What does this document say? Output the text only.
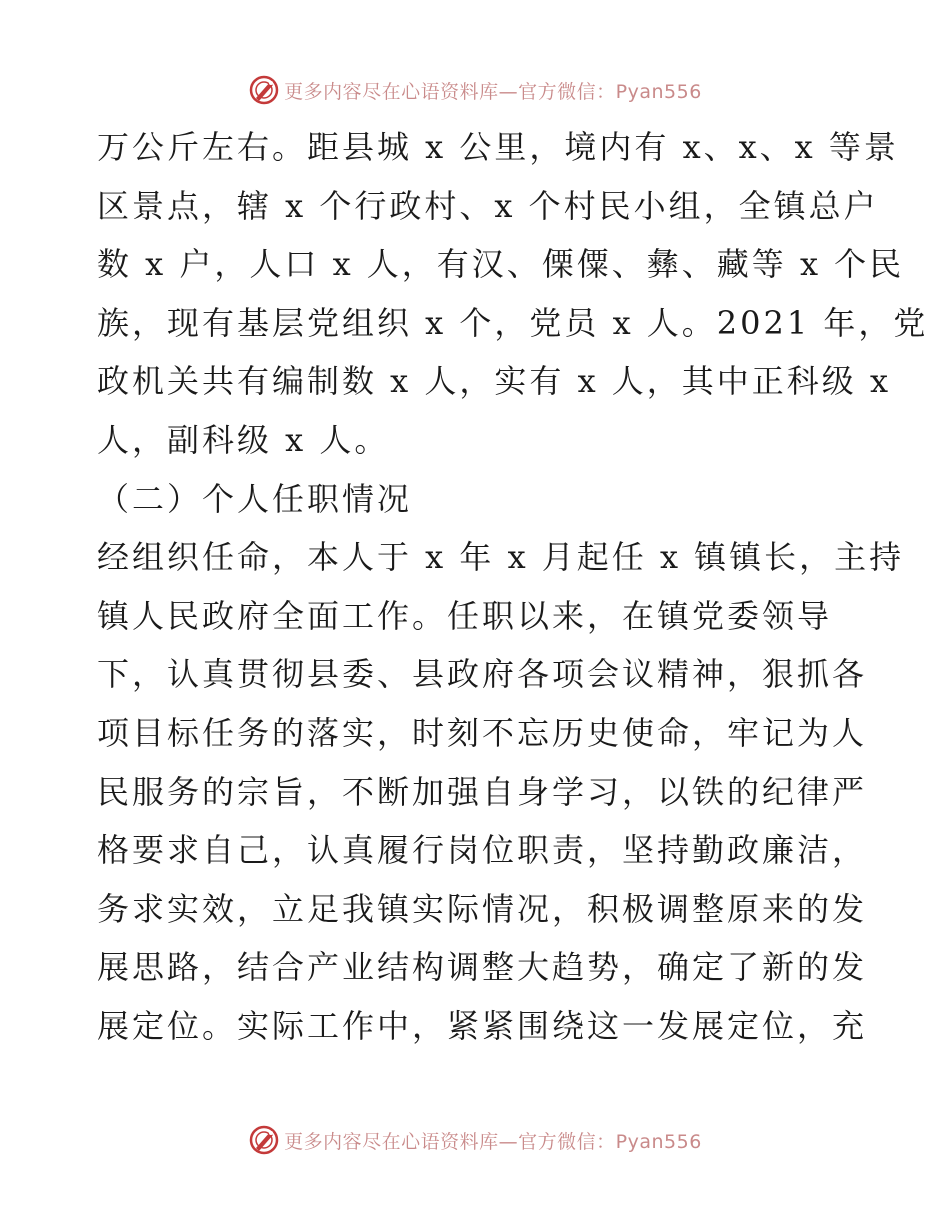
更多内容尽在心语资料库—官方微信：Pyan556
万公斤左右。距县城 x 公里，境内有 x、x、x 等景
区景点，辖 x 个行政村、x 个村民小组，全镇总户
数 x 户，人口 x 人，有汉、傈僳、彝、藏等 x 个民
族，现有基层党组织 x 个，党员 x 人。2021 年，党
政机关共有编制数 x 人，实有 x 人，其中正科级 x
人，副科级 x 人。
（二）个人任职情况
经组织任命，本人于 x 年 x 月起任 x 镇镇长，主持
镇人民政府全面工作。任职以来，在镇党委领导
下，认真贯彻县委、县政府各项会议精神，狠抓各
项目标任务的落实，时刻不忘历史使命，牢记为人
民服务的宗旨，不断加强自身学习，以铁的纪律严
格要求自己，认真履行岗位职责，坚持勤政廉洁，
务求实效，立足我镇实际情况，积极调整原来的发
展思路，结合产业结构调整大趋势，确定了新的发
展定位。实际工作中，紧紧围绕这一发展定位，充
更多内容尽在心语资料库—官方微信：Pyan556
